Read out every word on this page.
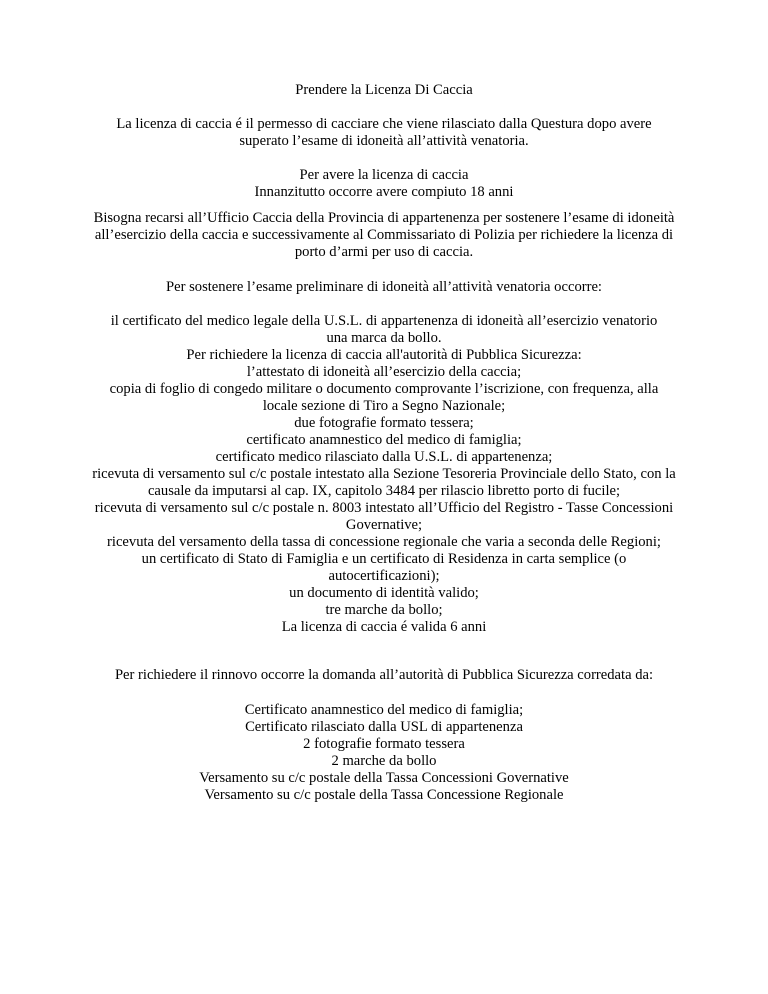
Prendere la Licenza Di Caccia
La licenza di caccia é il permesso di cacciare che viene rilasciato dalla Questura dopo avere
superato l’esame di idoneità all’attività venatoria.
Per avere la licenza di caccia
Innanzitutto occorre avere compiuto 18 anni
Bisogna recarsi all’Ufficio Caccia della Provincia di appartenenza per sostenere l’esame di idoneità
all’esercizio della caccia e successivamente al Commissariato di Polizia per richiedere la licenza di
porto d’armi per uso di caccia.
Per sostenere l’esame preliminare di idoneità all’attività venatoria occorre:
il certificato del medico legale della U.S.L. di appartenenza di idoneità all’esercizio venatorio
una marca da bollo.
Per richiedere la licenza di caccia all'autorità di Pubblica Sicurezza:
l’attestato di idoneità all’esercizio della caccia;
copia di foglio di congedo militare o documento comprovante l’iscrizione, con frequenza, alla
locale sezione di Tiro a Segno Nazionale;
due fotografie formato tessera;
certificato anamnestico del medico di famiglia;
certificato medico rilasciato dalla U.S.L. di appartenenza;
ricevuta di versamento sul c/c postale intestato alla Sezione Tesoreria Provinciale dello Stato, con la
causale da imputarsi al cap. IX, capitolo 3484 per rilascio libretto porto di fucile;
ricevuta di versamento sul c/c postale n. 8003 intestato all’Ufficio del Registro - Tasse Concessioni
Governative;
ricevuta del versamento della tassa di concessione regionale che varia a seconda delle Regioni;
un certificato di Stato di Famiglia e un certificato di Residenza in carta semplice (o
autocertificazioni);
un documento di identità valido;
tre marche da bollo;
La licenza di caccia é valida 6 anni
Per richiedere il rinnovo occorre la domanda all’autorità di Pubblica Sicurezza corredata da:
Certificato anamnestico del medico di famiglia;
Certificato rilasciato dalla USL di appartenenza
2 fotografie formato tessera
2 marche da bollo
Versamento su c/c postale della Tassa Concessioni Governative
Versamento su c/c postale della Tassa Concessione Regionale
